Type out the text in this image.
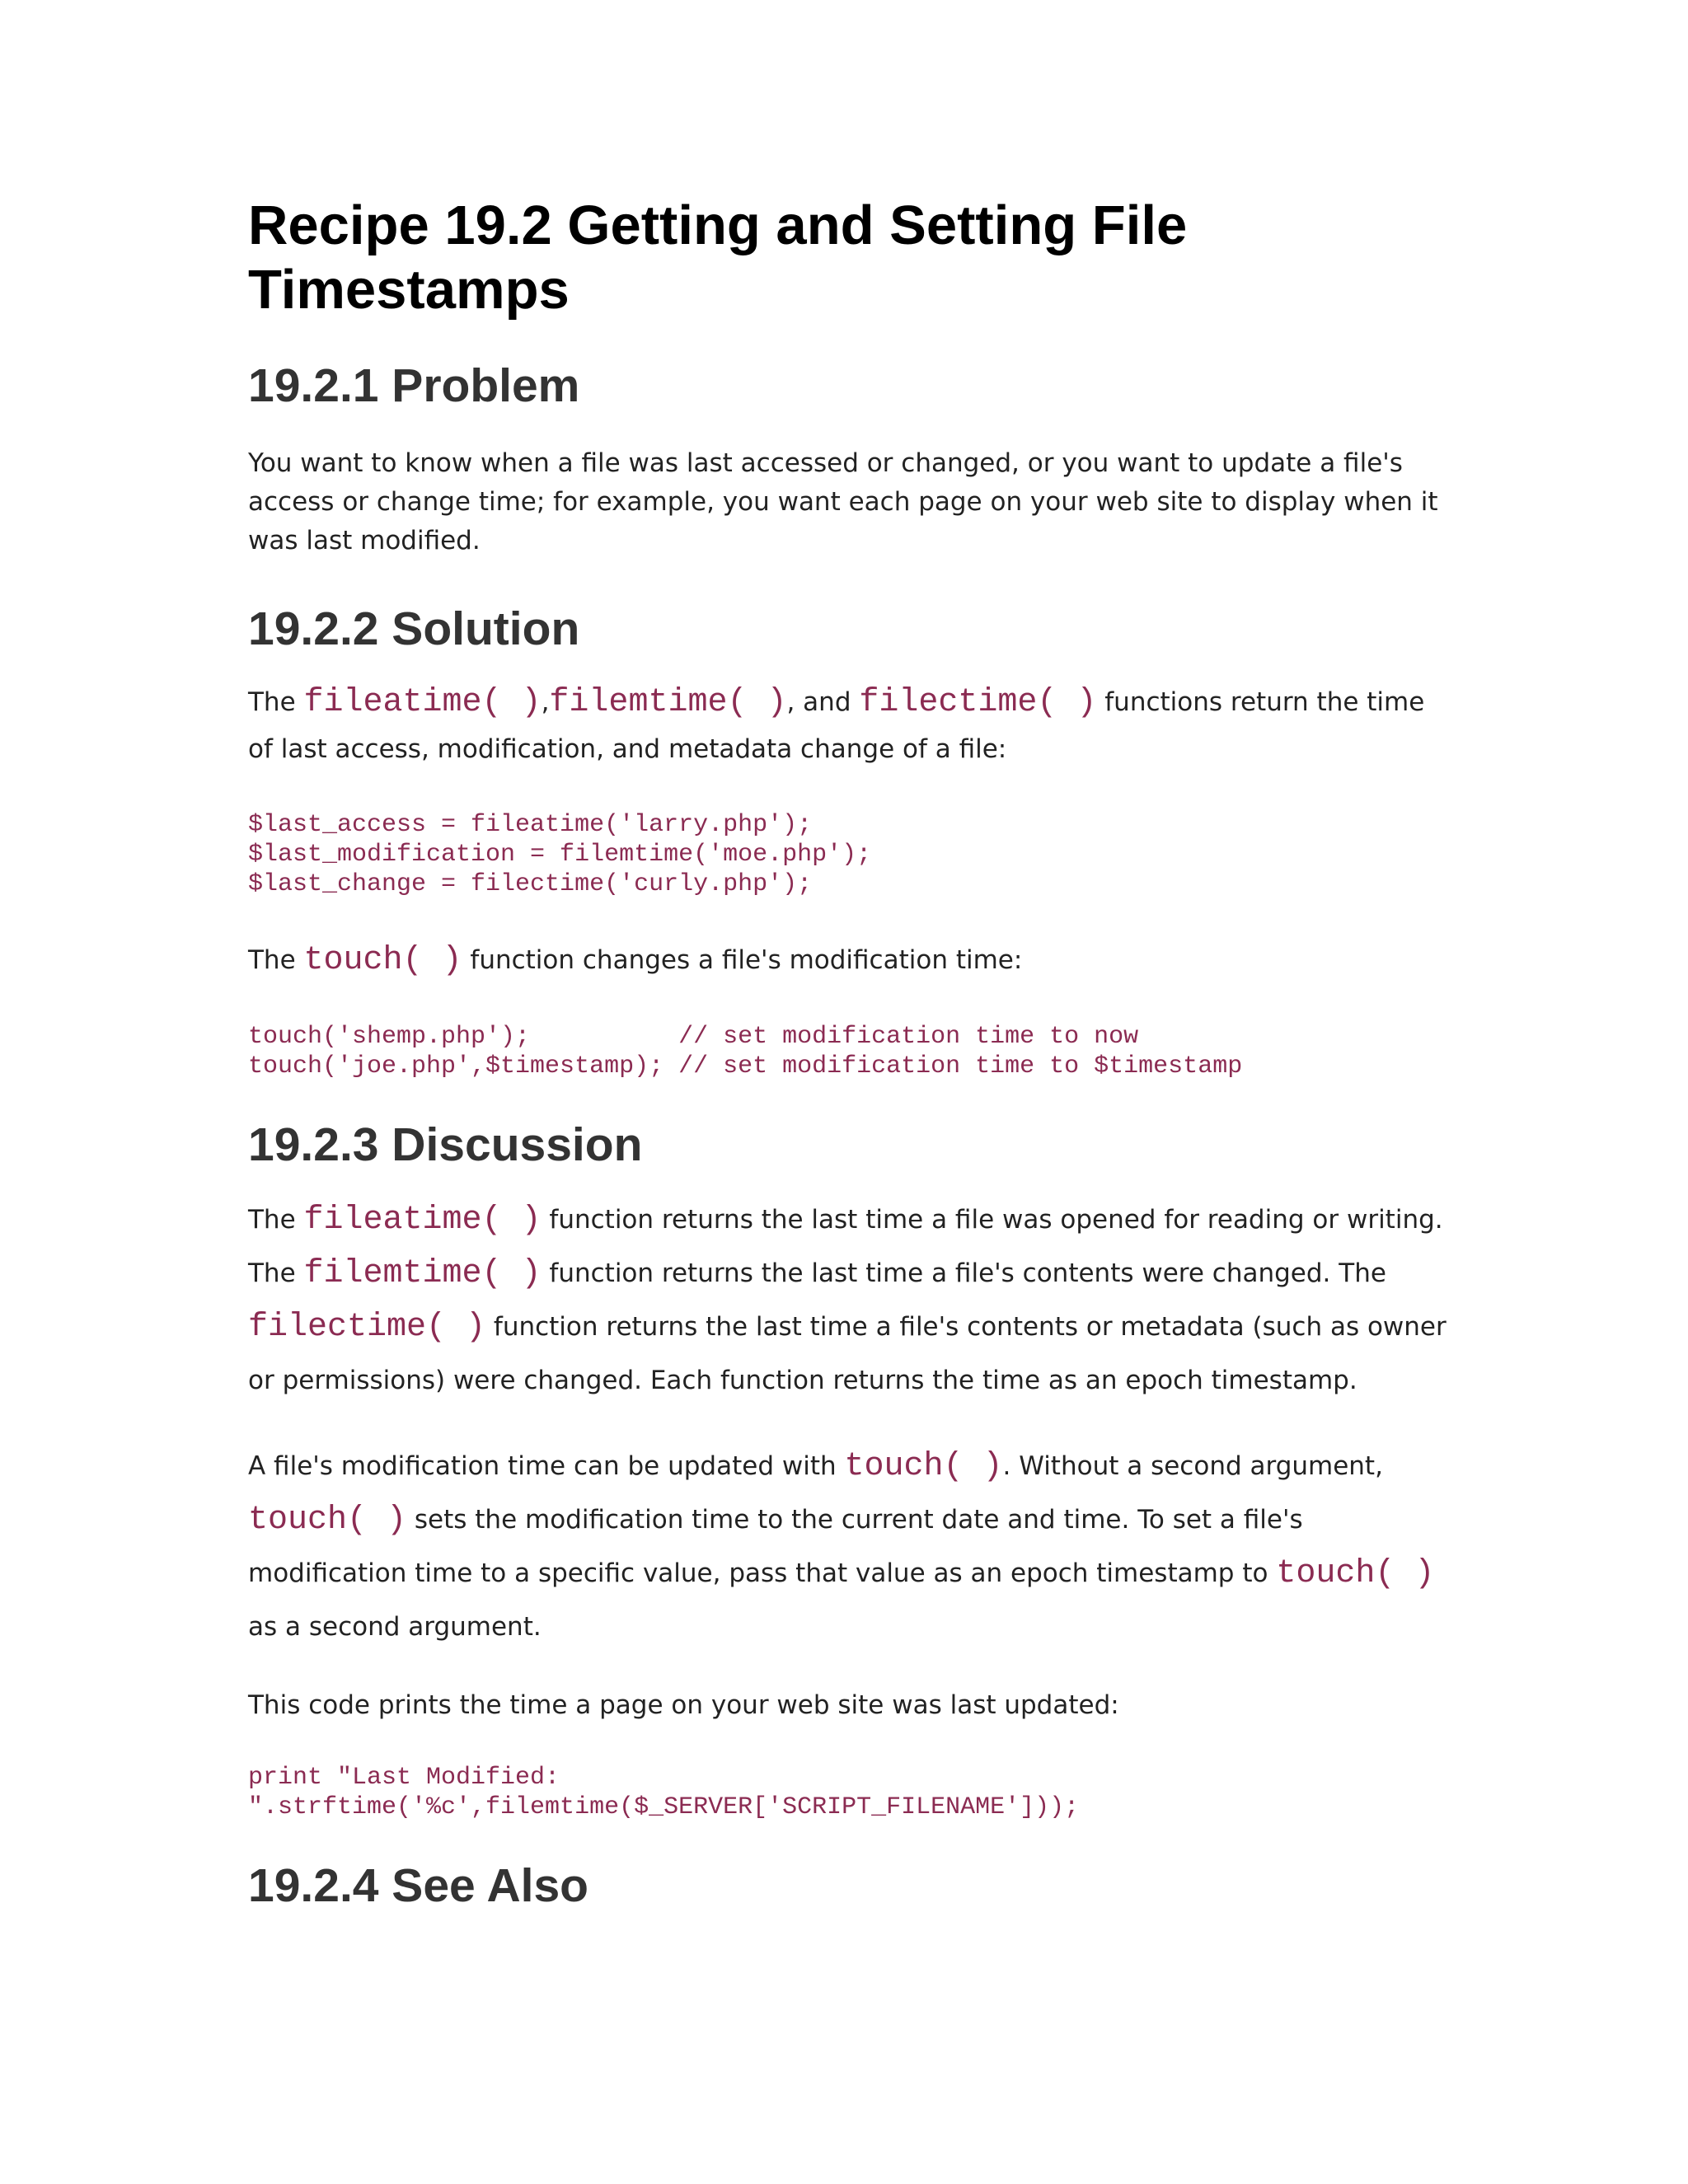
Recipe 19.2 Getting and Setting File
Timestamps
19.2.1 Problem

You want to know when a file was last accessed or changed, or you want to update a file's access or change time; for example, you want each page on your web site to display when it was last modified.

19.2.2 Solution

The fileatime( ),filemtime( ), and filectime( ) functions return the time of last access, modification, and metadata change of a file:

$last_access = fileatime('larry.php');
$last_modification = filemtime('moe.php');
$last_change = filectime('curly.php');

The touch( ) function changes a file's modification time:

touch('shemp.php');          // set modification time to now
touch('joe.php',$timestamp); // set modification time to $timestamp
19.2.3 Discussion

The fileatime( ) function returns the last time a file was opened for reading or writing. The filemtime( ) function returns the last time a file's contents were changed. The filectime( ) function returns the last time a file's contents or metadata (such as owner or permissions) were changed. Each function returns the time as an epoch timestamp.

A file's modification time can be updated with touch( ). Without a second argument, touch( ) sets the modification time to the current date and time. To set a file's modification time to a specific value, pass that value as an epoch timestamp to touch( ) as a second argument.

This code prints the time a page on your web site was last updated:

print "Last Modified:
".strftime('%c',filemtime($_SERVER['SCRIPT_FILENAME']));
19.2.4 See Also
